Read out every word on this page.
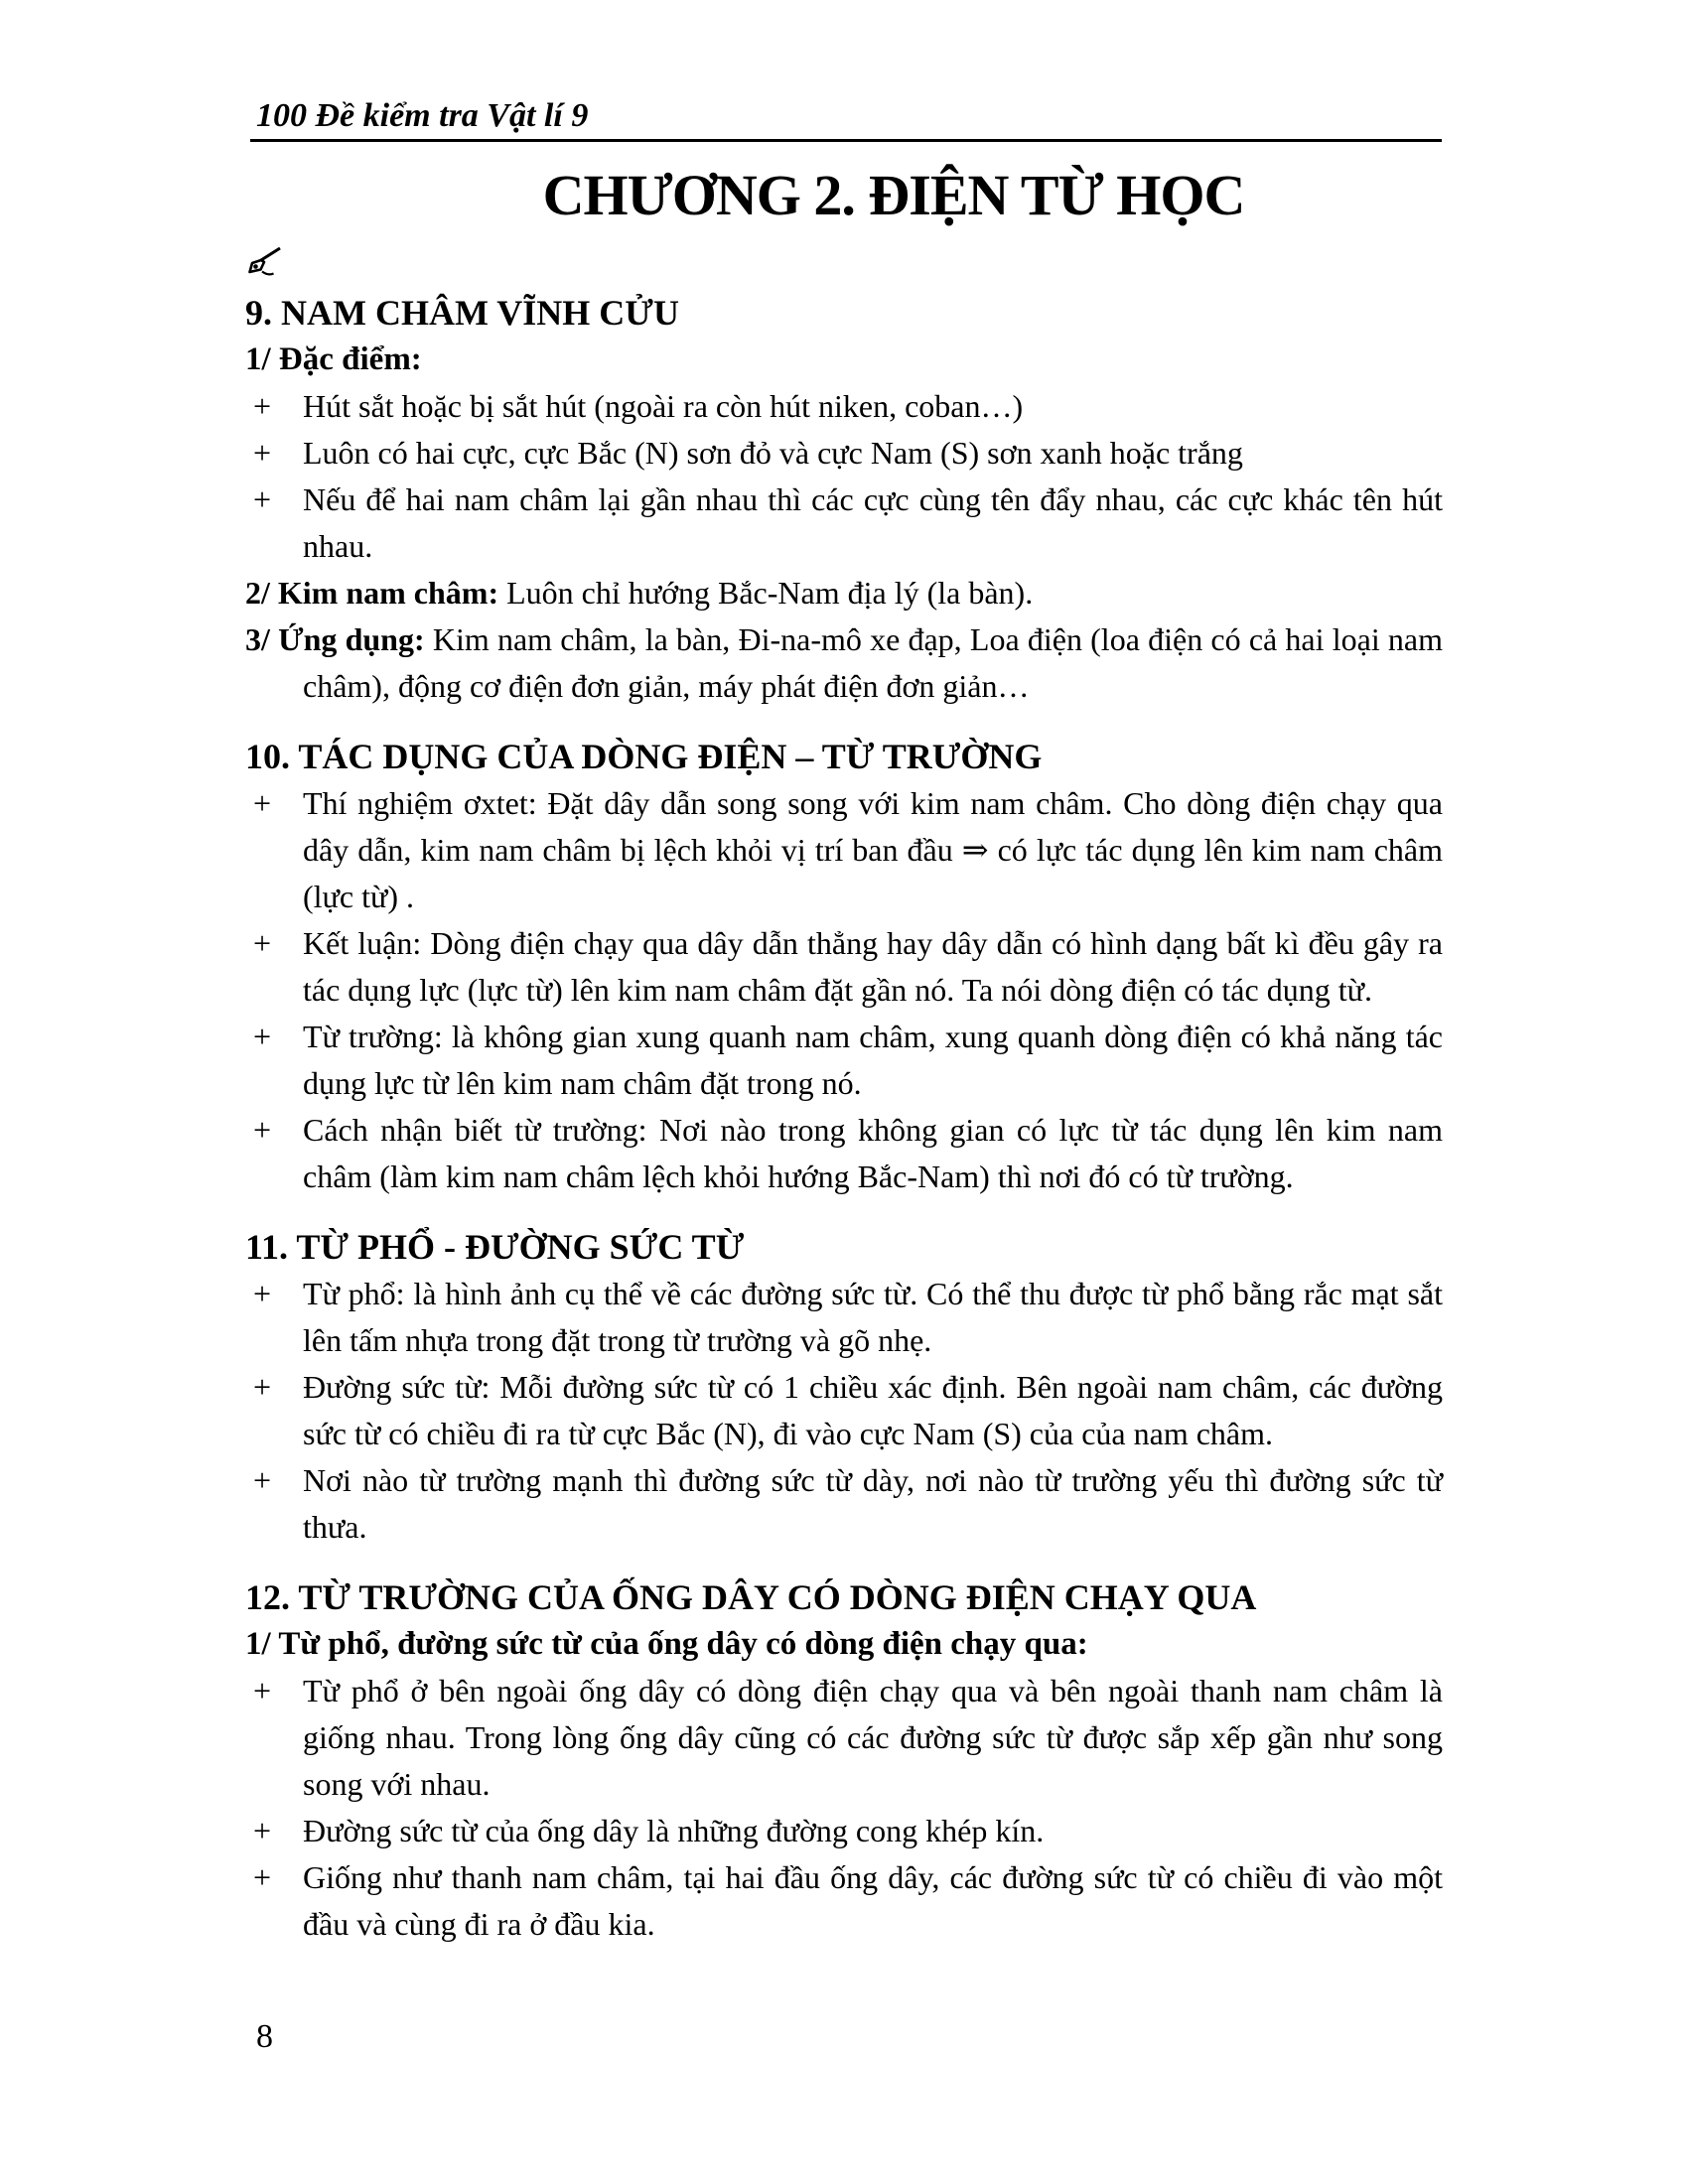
100 Đề kiểm tra Vật lí 9
CHƯƠNG 2. ĐIỆN TỪ HỌC
9. NAM CHÂM VĨNH CỬU

1/ Đặc điểm:

+ Hút sắt hoặc bị sắt hút (ngoài ra còn hút niken, coban…)

+ Luôn có hai cực, cực Bắc (N) sơn đỏ và cực Nam (S) sơn xanh hoặc trắng

+ Nếu để hai nam châm lại gần nhau thì các cực cùng tên đẩy nhau, các cực khác tên hút nhau.

2/ Kim nam châm: Luôn chỉ hướng Bắc-Nam địa lý (la bàn).

3/ Ứng dụng: Kim nam châm, la bàn, Đi-na-mô xe đạp, Loa điện (loa điện có cả hai loại nam châm), động cơ điện đơn giản, máy phát điện đơn giản…

10. TÁC DỤNG CỦA DÒNG ĐIỆN – TỪ TRƯỜNG

+ Thí nghiệm ơxtet: Đặt dây dẫn song song với kim nam châm. Cho dòng điện chạy qua dây dẫn, kim nam châm bị lệch khỏi vị trí ban đầu ⇒ có lực tác dụng lên kim nam châm (lực từ) .

+ Kết luận: Dòng điện chạy qua dây dẫn thẳng hay dây dẫn có hình dạng bất kì đều gây ra tác dụng lực (lực từ) lên kim nam châm đặt gần nó. Ta nói dòng điện có tác dụng từ.

+ Từ trường: là không gian xung quanh nam châm, xung quanh dòng điện có khả năng tác dụng lực từ lên kim nam châm đặt trong nó.

+ Cách nhận biết từ trường: Nơi nào trong không gian có lực từ tác dụng lên kim nam châm (làm kim nam châm lệch khỏi hướng Bắc-Nam) thì nơi đó có từ trường.

11. TỪ PHỔ - ĐƯỜNG SỨC TỪ

+ Từ phổ: là hình ảnh cụ thể về các đường sức từ. Có thể thu được từ phổ bằng rắc mạt sắt lên tấm nhựa trong đặt trong từ trường và gõ nhẹ.

+ Đường sức từ: Mỗi đường sức từ có 1 chiều xác định. Bên ngoài nam châm, các đường sức từ có chiều đi ra từ cực Bắc (N), đi vào cực Nam (S) của của nam châm.

+ Nơi nào từ trường mạnh thì đường sức từ dày, nơi nào từ trường yếu thì đường sức từ thưa.

12. TỪ TRƯỜNG CỦA ỐNG DÂY CÓ DÒNG ĐIỆN CHẠY QUA

1/ Từ phổ, đường sức từ của ống dây có dòng điện chạy qua:

+ Từ phổ ở bên ngoài ống dây có dòng điện chạy qua và bên ngoài thanh nam châm là giống nhau. Trong lòng ống dây cũng có các đường sức từ được sắp xếp gần như song song với nhau.

+ Đường sức từ của ống dây là những đường cong khép kín.

+ Giống như thanh nam châm, tại hai đầu ống dây, các đường sức từ có chiều đi vào một đầu và cùng đi ra ở đầu kia.

8
